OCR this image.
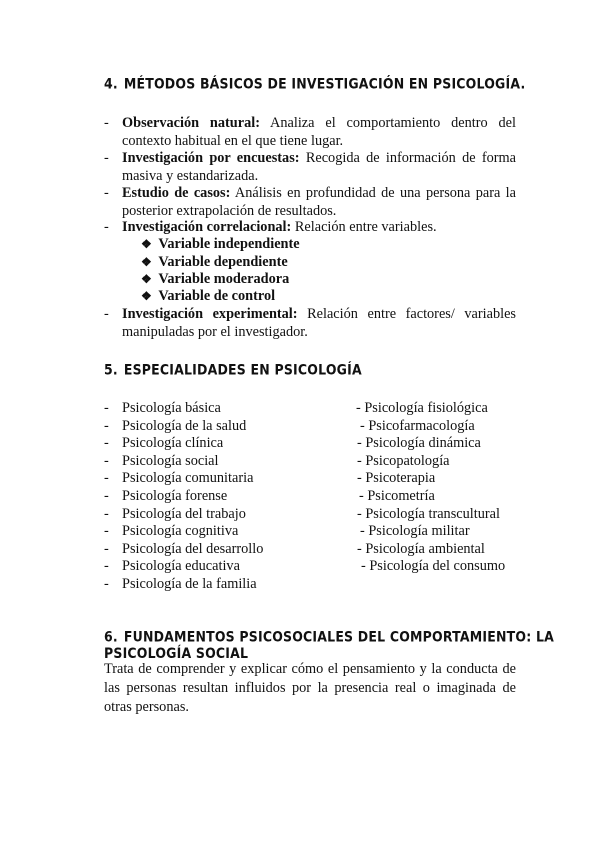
4. MÉTODOS BÁSICOS DE INVESTIGACIÓN EN PSICOLOGÍA.
- Observación natural: Analiza el comportamiento dentro del
contexto habitual en el que tiene lugar.
- Investigación por encuestas: Recogida de información de forma
masiva y estandarizada.
- Estudio de casos: Análisis en profundidad de una persona para la
posterior extrapolación de resultados.
- Investigación correlacional: Relación entre variables.
❖ Variable independiente
❖ Variable dependiente
❖ Variable moderadora
❖ Variable de control
- Investigación experimental: Relación entre factores/ variables
manipuladas por el investigador.
5. ESPECIALIDADES EN PSICOLOGÍA
- Psicología básica
- Psicología de la salud
- Psicología clínica
- Psicología social
- Psicología comunitaria
- Psicología forense
- Psicología del trabajo
- Psicología cognitiva
- Psicología del desarrollo
- Psicología educativa
- Psicología de la familia
- Psicología fisiológica
- Psicofarmacología
- Psicología dinámica
- Psicopatología
- Psicoterapia
- Psicometría
- Psicología transcultural
- Psicología militar
- Psicología ambiental
- Psicología del consumo
6. FUNDAMENTOS PSICOSOCIALES DEL COMPORTAMIENTO: LA PSICOLOGÍA SOCIAL
Trata de comprender y explicar cómo el pensamiento y la conducta de las personas resultan influidos por la presencia real o imaginada de otras personas.
